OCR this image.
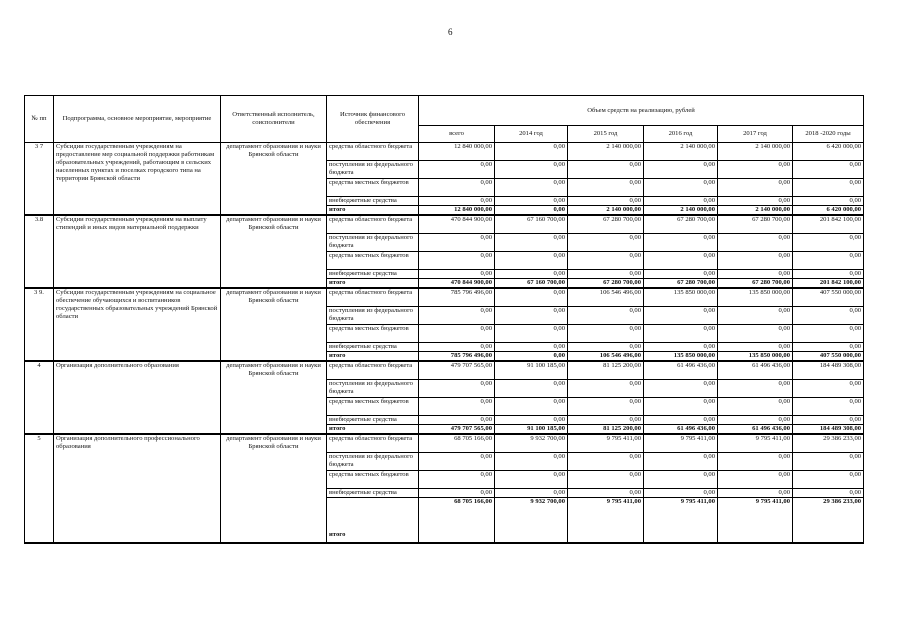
6
№ пп	Подпрограмма, основное мероприятие, мероприятие	Ответственный исполнитель, соисполнители	Источник финансового обеспечения	Объем средств на реализацию, рублей					
				всего	2014 год	2015 год	2016 год	2017 год	2018 -2020 годы
3 7	Субсидии государственным учреждениям на предоставление мер социальной поддержки работникам образовательных учреждений, работающим в сельских населенных пунктах и поселках городского типа на территории Брянской области	департамент образования и науки Брянской области	средства областного бюджета	12 840 000,00	0,00	2 140 000,00	2 140 000,00	2 140 000,00	6 420 000,00
			поступления из федерального бюджета	0,00	0,00	0,00	0,00	0,00	0,00
			средства местных бюджетов	0,00	0,00	0,00	0,00	0,00	0,00
			внебюджетные средства	0,00	0,00	0,00	0,00	0,00	0,00
			итого	12 840 000,00	0,00	2 140 000,00	2 140 000,00	2 140 000,00	6 420 000,00
3.8	Субсидии государственным учреждениям на выплату стипендий и иных видов материальной поддержки	департамент образования и науки Брянской области	средства областного бюджета	470 844 900,00	67 160 700,00	67 280 700,00	67 280 700,00	67 280 700,00	201 842 100,00
			поступления из федерального бюджета	0,00	0,00	0,00	0,00	0,00	0,00
			средства местных бюджетов	0,00	0,00	0,00	0,00	0,00	0,00
			внебюджетные средства	0,00	0,00	0,00	0,00	0,00	0,00
			итого	470 844 900,00	67 160 700,00	67 280 700,00	67 280 700,00	67 280 700,00	201 842 100,00
3 9.	Субсидии государственным учреждениям на социальное обеспечение обучающихся и воспитанников государственных образовательных учреждений Брянской области	департамент образования и науки Брянской области	средства областного бюджета	785 796 496,00	0,00	106 546 496,00	135 850 000,00	135 850 000,00	407 550 000,00
			поступления из федерального бюджета	0,00	0,00	0,00	0,00	0,00	0,00
			средства местных бюджетов	0,00	0,00	0,00	0,00	0,00	0,00
			внебюджетные средства	0,00	0,00	0,00	0,00	0,00	0,00
			итого	785 796 496,00	0,00	106 546 496,00	135 850 000,00	135 850 000,00	407 550 000,00
4	Организация дополнительного образования	департамент образования и науки Брянской области	средства областного бюджета	479 707 565,00	91 100 185,00	81 125 200,00	61 496 436,00	61 496 436,00	184 489 308,00
			поступления из федерального бюджета	0,00	0,00	0,00	0,00	0,00	0,00
			средства местных бюджетов	0,00	0,00	0,00	0,00	0,00	0,00
			внебюджетные средства	0,00	0,00	0,00	0,00	0,00	0,00
			итого	479 707 565,00	91 100 185,00	81 125 200,00	61 496 436,00	61 496 436,00	184 489 308,00
5	Организация дополнительного профессионального образования	департамент образования и науки Брянской области	средства областного бюджета	68 705 166,00	9 932 700,00	9 795 411,00	9 795 411,00	9 795 411,00	29 386 233,00
			поступления из федерального бюджета	0,00	0,00	0,00	0,00	0,00	0,00
			средства местных бюджетов	0,00	0,00	0,00	0,00	0,00	0,00
			внебюджетные средства	0,00	0,00	0,00	0,00	0,00	0,00
			итого	68 705 166,00	9 932 700,00	9 795 411,00	9 795 411,00	9 795 411,00	29 386 233,00
